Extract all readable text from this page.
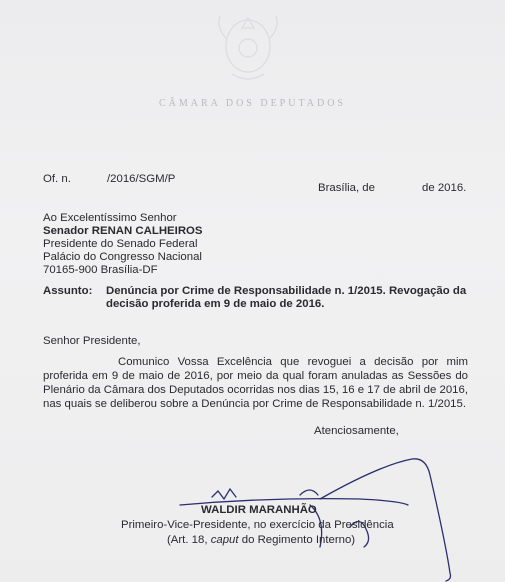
CÂMARA DOS DEPUTADOS
Of. n.	/2016/SGM/P
Brasília, de	de 2016.
Ao Excelentíssimo Senhor
Senador RENAN CALHEIROS
Presidente do Senado Federal
Palácio do Congresso Nacional
70165-900 Brasília-DF
Assunto: Denúncia por Crime de Responsabilidade n. 1/2015. Revogação da
decisão proferida em 9 de maio de 2016.
Senhor Presidente,
Comunico Vossa Excelência que revoguei a decisão por mim proferida em 9 de maio de 2016, por meio da qual foram anuladas as Sessões do Plenário da Câmara dos Deputados ocorridas nos dias 15, 16 e 17 de abril de 2016, nas quais se deliberou sobre a Denúncia por Crime de Responsabilidade n. 1/2015.
Atenciosamente,
WALDIR MARANHÃO
Primeiro-Vice-Presidente, no exercício da Presidência
(Art. 18, caput do Regimento Interno)
